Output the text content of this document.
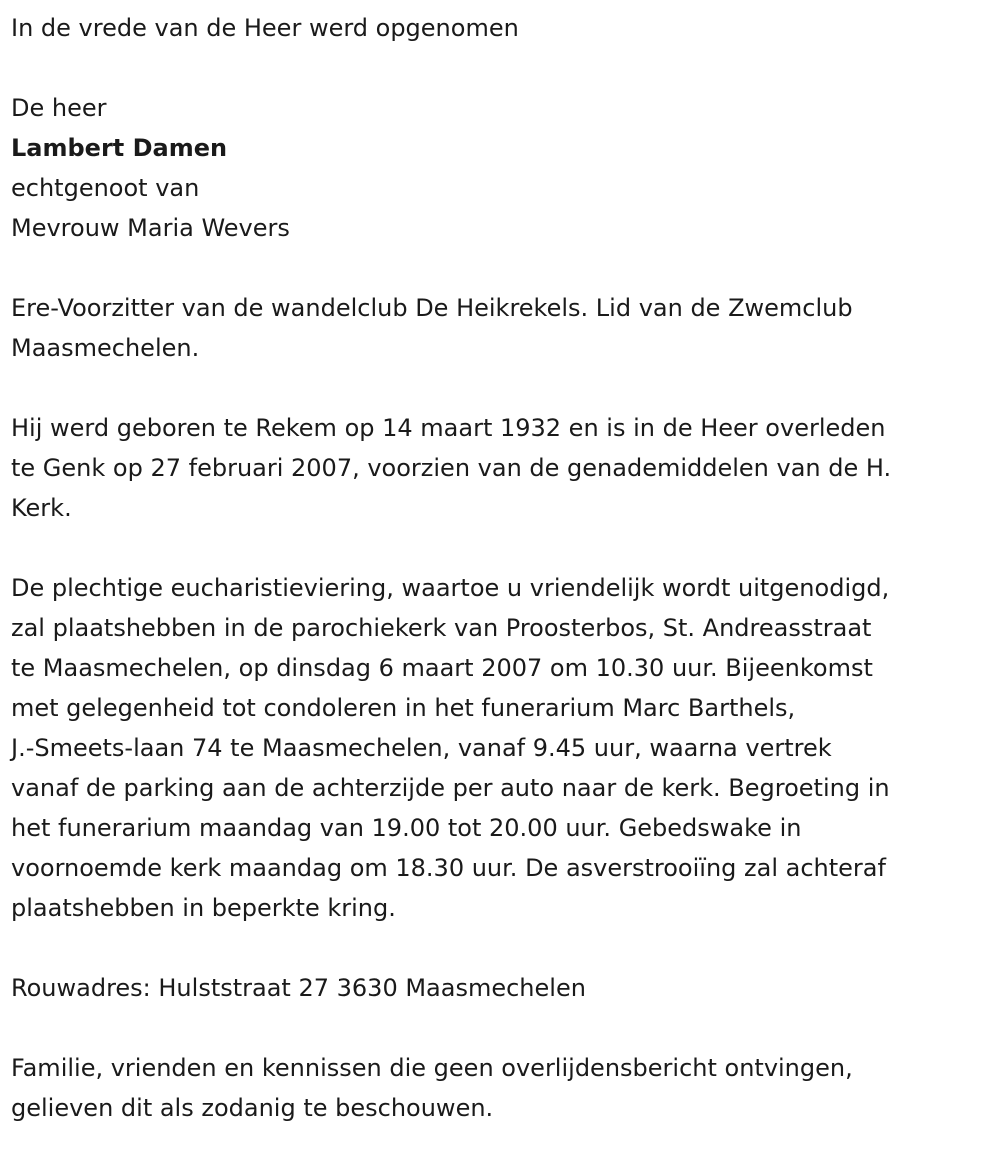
In de vrede van de Heer werd opgenomen
De heer
Lambert Damen
echtgenoot van
Mevrouw Maria Wevers
Ere-Voorzitter van de wandelclub De Heikrekels. Lid van de Zwemclub
Maasmechelen.
Hij werd geboren te Rekem op 14 maart 1932 en is in de Heer overleden
te Genk op 27 februari 2007, voorzien van de genademiddelen van de H.
Kerk.
De plechtige eucharistieviering, waartoe u vriendelijk wordt uitgenodigd,
zal plaatshebben in de parochiekerk van Proosterbos, St. Andreasstraat
te Maasmechelen, op dinsdag 6 maart 2007 om 10.30 uur. Bijeenkomst
met gelegenheid tot condoleren in het funerarium Marc Barthels,
J.-Smeets-laan 74 te Maasmechelen, vanaf 9.45 uur, waarna vertrek
vanaf de parking aan de achterzijde per auto naar de kerk. Begroeting in
het funerarium maandag van 19.00 tot 20.00 uur. Gebedswake in
voornoemde kerk maandag om 18.30 uur. De asverstrooiïng zal achteraf
plaatshebben in beperkte kring.
Rouwadres: Hulststraat 27 3630 Maasmechelen
Familie, vrienden en kennissen die geen overlijdensbericht ontvingen,
gelieven dit als zodanig te beschouwen.
